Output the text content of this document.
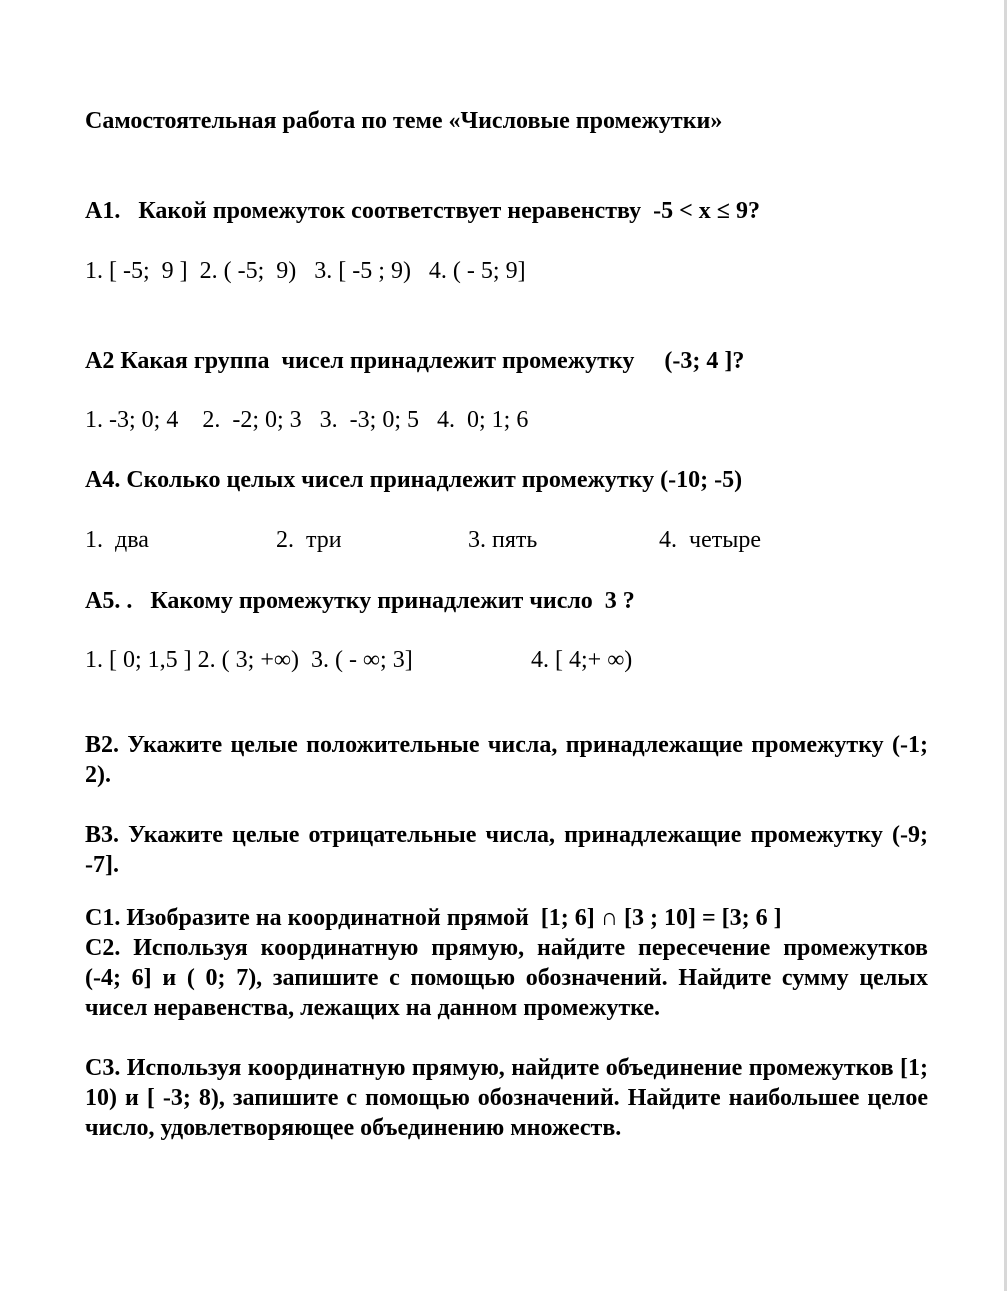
Самостоятельная работа по теме «Числовые промежутки»
A1.   Какой промежуток соответствует неравенству  -5 < х ≤ 9?
1. [ -5;  9 ]  2. ( -5;  9)   3. [ -5 ; 9)   4. ( - 5; 9]
А2 Какая группа  чисел принадлежит промежутку     (-3; 4 ]?
1. -3; 0; 4    2.  -2; 0; 3   3.  -3; 0; 5   4.  0; 1; 6
А4. Сколько целых чисел принадлежит промежутку (-10; -5)

1.  два

	2.  три

	3. пять

	4.  четыре

А5. .   Какому промежутку принадлежит число  3 ?

1. [ 0; 1,5 ] 2. ( 3; +∞)  3. ( - ∞; 3]

	4. [ 4;+ ∞)

В2. Укажите целые положительные числа, принадлежащие промежутку (-1; 2).
В3. Укажите целые отрицательные числа, принадлежащие промежутку (-9; -7].
С1. Изобразите на координатной прямой  [1; 6] ∩ [3 ; 10] = [3; 6 ]
С2. Используя координатную прямую, найдите пересечение промежутков (-4; 6] и ( 0; 7), запишите с помощью обозначений. Найдите сумму целых чисел неравенства, лежащих на данном промежутке.
С3. Используя координатную прямую, найдите объединение промежутков [1; 10) и [ -3; 8), запишите с помощью обозначений. Найдите наибольшее целое число, удовлетворяющее объединению множеств.
